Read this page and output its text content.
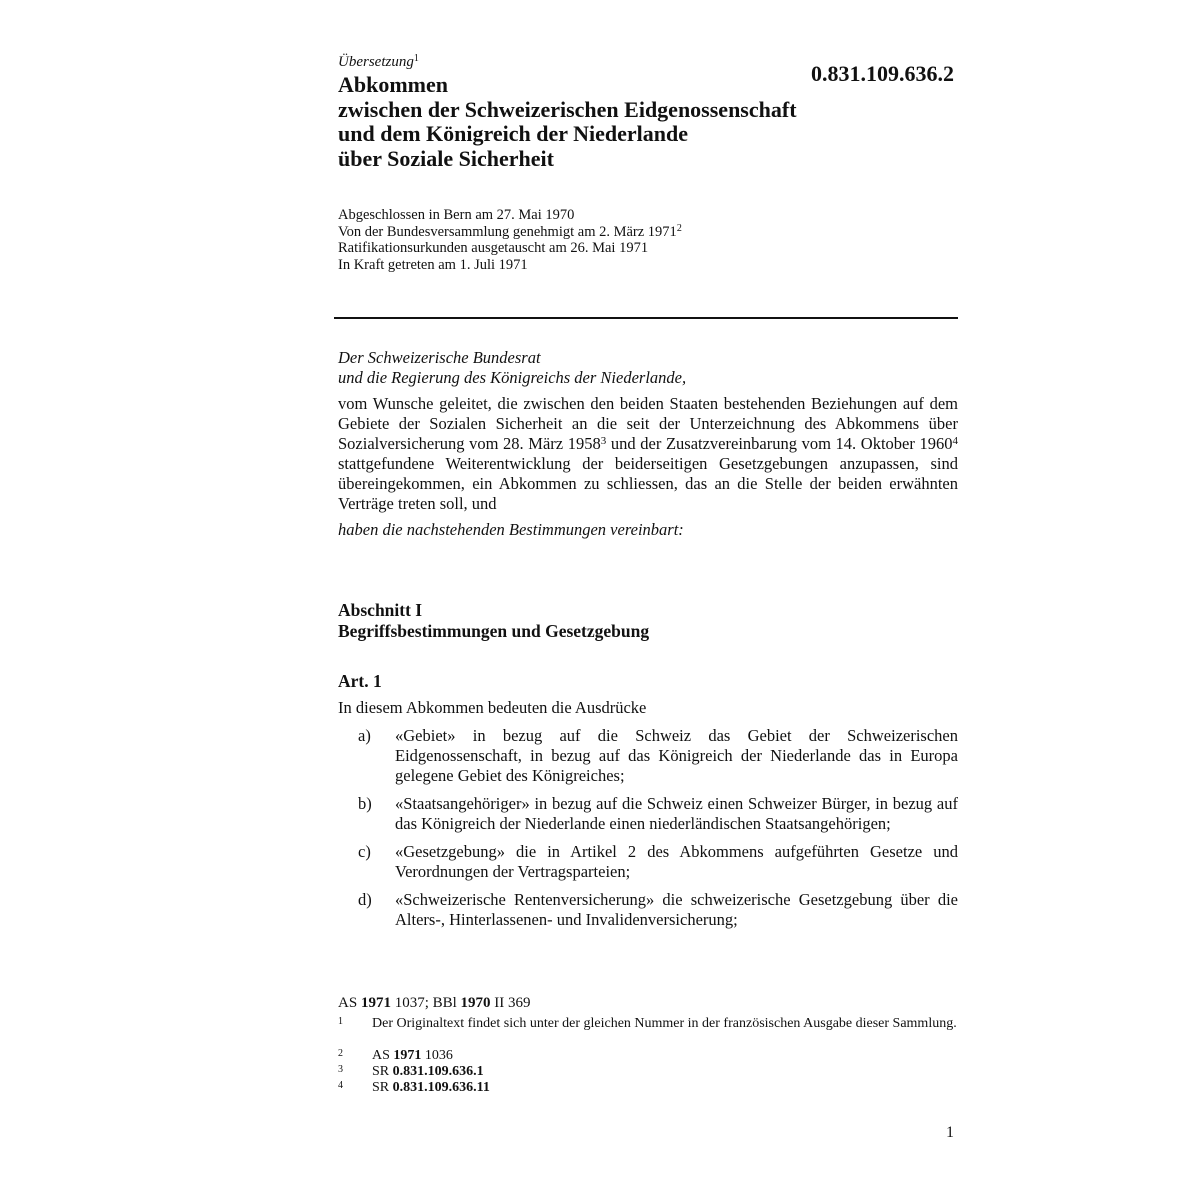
Übersetzung$^1$
0.831.109.636.2
Abkommen
zwischen der Schweizerischen Eidgenossenschaft
und dem Königreich der Niederlande
über Soziale Sicherheit
Abgeschlossen in Bern am 27. Mai 1970
Von der Bundesversammlung genehmigt am 2. März 1971$^2$
Ratifikationsurkunden ausgetauscht am 26. Mai 1971
In Kraft getreten am 1. Juli 1971
Der Schweizerische Bundesrat
und die Regierung des Königreichs der Niederlande,
vom Wunsche geleitet, die zwischen den beiden Staaten bestehenden Beziehungen auf dem Gebiete der Sozialen Sicherheit an die seit der Unterzeichnung des Abkommens über Sozialversicherung vom 28. März 1958$^3$ und der Zusatzvereinbarung vom 14. Oktober 1960$^4$ stattgefundene Weiterentwicklung der beiderseitigen Gesetzgebungen anzupassen, sind übereingekommen, ein Abkommen zu schliessen, das an die Stelle der beiden erwähnten Verträge treten soll, und
haben die nachstehenden Bestimmungen vereinbart:
Abschnitt I
Begriffsbestimmungen und Gesetzgebung
Art. 1
In diesem Abkommen bedeuten die Ausdrücke
a)	«Gebiet» in bezug auf die Schweiz das Gebiet der Schweizerischen Eidgenossenschaft, in bezug auf das Königreich der Niederlande das in Europa gelegene Gebiet des Königreiches;
b)	«Staatsangehöriger» in bezug auf die Schweiz einen Schweizer Bürger, in bezug auf das Königreich der Niederlande einen niederländischen Staatsangehörigen;
c)	«Gesetzgebung» die in Artikel 2 des Abkommens aufgeführten Gesetze und Verordnungen der Vertragsparteien;
d)	«Schweizerische Rentenversicherung» die schweizerische Gesetzgebung über die Alters-, Hinterlassenen- und Invalidenversicherung;
AS 1971 1037; BBl 1970 II 369
1	Der Originaltext findet sich unter der gleichen Nummer in der französischen Ausgabe dieser Sammlung.
2	AS 1971 1036
3	SR 0.831.109.636.1
4	SR 0.831.109.636.11
1
